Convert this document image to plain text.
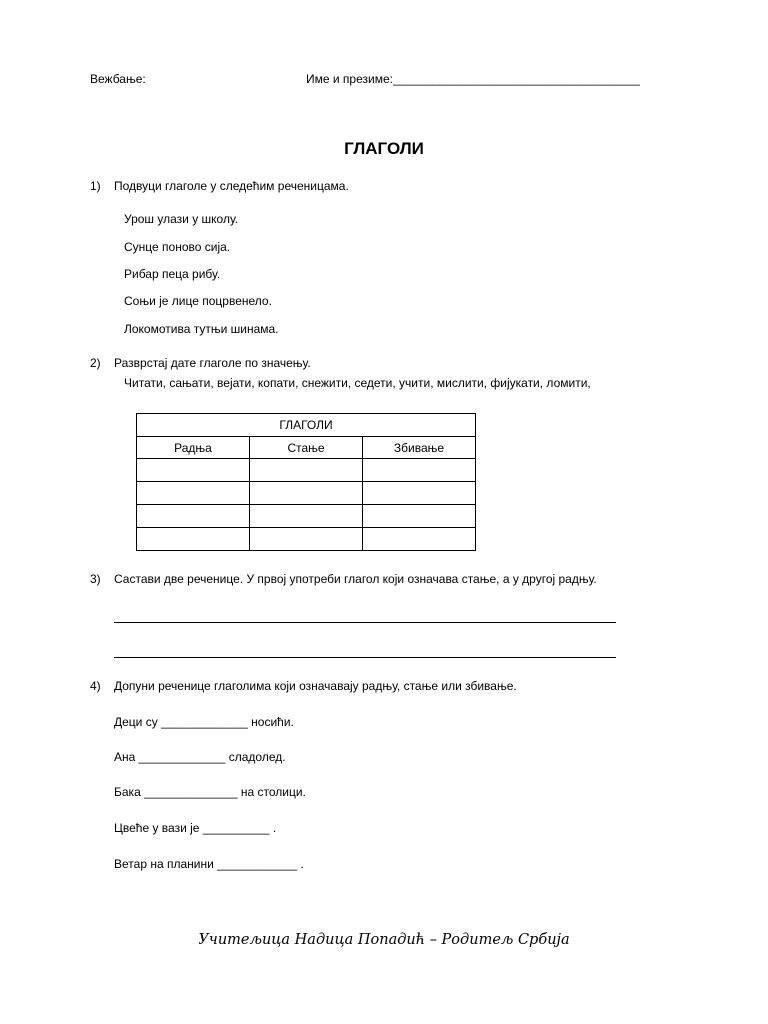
Вежбање:	Име и презиме:_____________________________________
ГЛАГОЛИ
1) Подвуци глаголе у следећим реченицама.
Урош улази у школу.
Сунце поново сија.
Рибар пеца рибу.
Соњи је лице поцрвенело.
Локомотива тутњи шинама.
2) Разврстај дате глаголе по значењу.
Читати, сањати, вејати, копати, снежити, седети, учити, мислити, фијукати, ломити,
ГЛАГОЛИ		
Радња	Стање	Збивање

3) Састави две реченице. У првој употреби глагол који означава стање, а у другој радњу.
4) Допуни реченице глаголима који означавају радњу, стање или збивање.
Деци су _____________ носићи.
Ана _____________ сладолед.
Бака ______________ на столици.
Цвеће у вази је __________ .
Ветар на планини ____________ .
Учитељица Надица Попадић – Родитељ Србија
